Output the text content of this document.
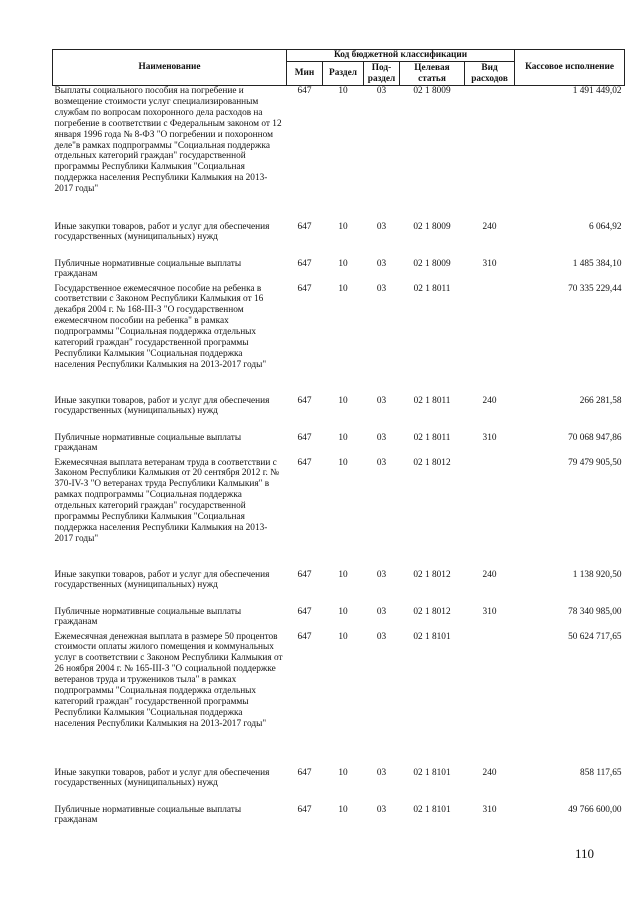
Наименование	Код бюджетной классификации					Кассовое исполнение
	Мин	Раздел	Под-раздел	Целевая статья	Вид расходов	
Выплаты социального пособия на погребение и возмещение стоимости услуг специализированным службам по вопросам похоронного дела расходов на погребение в соответствии с Федеральным законом от 12 января 1996 года № 8-ФЗ "О погребении и похоронном деле"в рамках подпрограммы "Социальная поддержка отдельных категорий граждан" государственной программы Республики Калмыкия "Социальная поддержка населения Республики Калмыкия на 2013-2017 годы"	647	10	03	02 1 8009		1 491 449,02
Иные закупки товаров, работ и услуг для обеспечения государственных (муниципальных) нужд	647	10	03	02 1 8009	240	6 064,92
Публичные нормативные социальные выплаты гражданам	647	10	03	02 1 8009	310	1 485 384,10
Государственное ежемесячное пособие на ребенка в соответствии с Законом Республики Калмыкия от 16 декабря 2004 г. № 168-III-З "О государственном ежемесячном пособии на ребенка" в рамках подпрограммы "Социальная поддержка отдельных категорий граждан" государственной программы Республики Калмыкия "Социальная поддержка населения Республики Калмыкия на 2013-2017 годы"	647	10	03	02 1 8011		70 335 229,44
Иные закупки товаров, работ и услуг для обеспечения государственных (муниципальных) нужд	647	10	03	02 1 8011	240	266 281,58
Публичные нормативные социальные выплаты гражданам	647	10	03	02 1 8011	310	70 068 947,86
Ежемесячная выплата ветеранам труда в соответствии с Законом Республики Калмыкия от 20 сентября 2012 г. № 370-IV-З "О ветеранах труда Республики Калмыкия" в рамках подпрограммы "Социальная поддержка отдельных категорий граждан" государственной программы Республики Калмыкия "Социальная поддержка населения Республики Калмыкия на 2013-2017 годы"	647	10	03	02 1 8012		79 479 905,50
Иные закупки товаров, работ и услуг для обеспечения государственных (муниципальных) нужд	647	10	03	02 1 8012	240	1 138 920,50
Публичные нормативные социальные выплаты гражданам	647	10	03	02 1 8012	310	78 340 985,00
Ежемесячная денежная выплата в размере 50 процентов стоимости оплаты жилого помещения и коммунальных услуг в соответствии с Законом Республики Калмыкия от 26 ноября 2004 г. № 165-III-З "О социальной поддержке ветеранов труда и тружеников тыла" в рамках подпрограммы "Социальная поддержка отдельных категорий граждан" государственной программы Республики Калмыкия "Социальная поддержка населения Республики Калмыкия на 2013-2017 годы"	647	10	03	02 1 8101		50 624 717,65
Иные закупки товаров, работ и услуг для обеспечения государственных (муниципальных) нужд	647	10	03	02 1 8101	240	858 117,65
Публичные нормативные социальные выплаты гражданам	647	10	03	02 1 8101	310	49 766 600,00
110
